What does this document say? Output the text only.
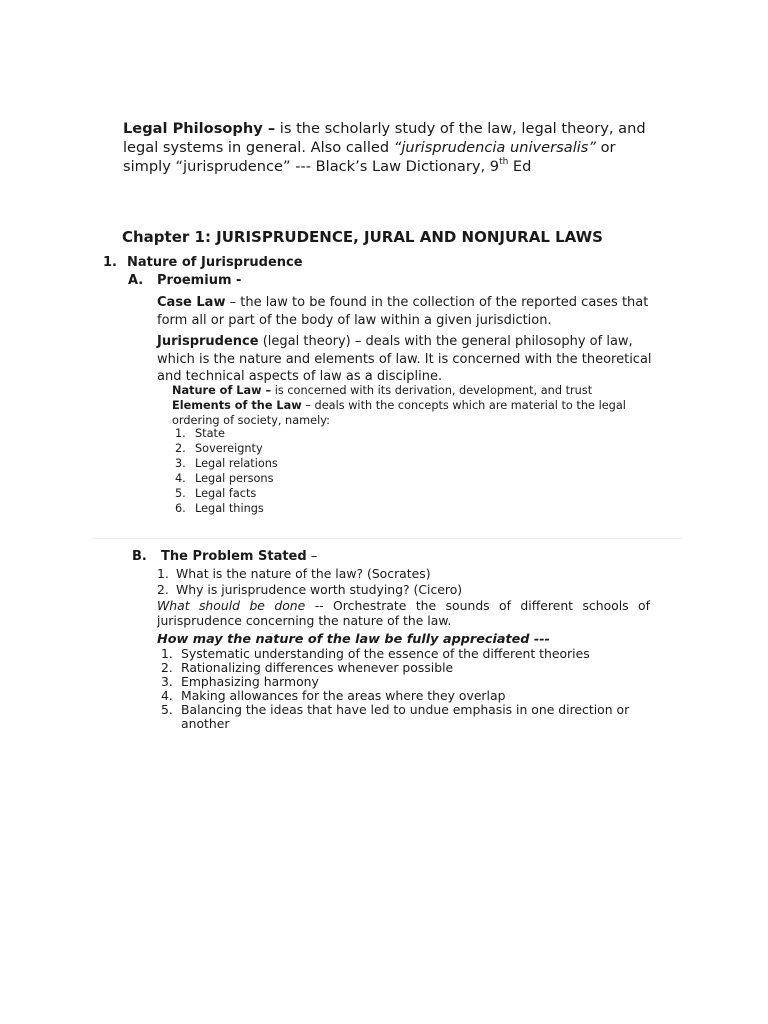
Legal Philosophy – is the scholarly study of the law, legal theory, and legal systems in general. Also called “jurisprudencia universalis” or simply “jurisprudence” --- Black’s Law Dictionary, 9th Ed

Chapter 1: JURISPRUDENCE, JURAL AND NONJURAL LAWS
1. Nature of Jurisprudence
A. Proemium -

Case Law – the law to be found in the collection of the reported cases that form all or part of the body of law within a given jurisdiction.

Jurisprudence (legal theory) – deals with the general philosophy of law, which is the nature and elements of law. It is concerned with the theoretical and technical aspects of law as a discipline.

Nature of Law – is concerned with its derivation, development, and trust

Elements of the Law – deals with the concepts which are material to the legal ordering of society, namely:

1. State
2. Sovereignty
3. Legal relations
4. Legal persons
5. Legal facts
6. Legal things
B. The Problem Stated –
1. What is the nature of the law? (Socrates)
2. Why is jurisprudence worth studying? (Cicero)

What should be done -- Orchestrate the sounds of different schools of jurisprudence concerning the nature of the law.

How may the nature of the law be fully appreciated ---
1. Systematic understanding of the essence of the different theories
2. Rationalizing differences whenever possible
3. Emphasizing harmony
4. Making allowances for the areas where they overlap
5. Balancing the ideas that have led to undue emphasis in one direction or another
